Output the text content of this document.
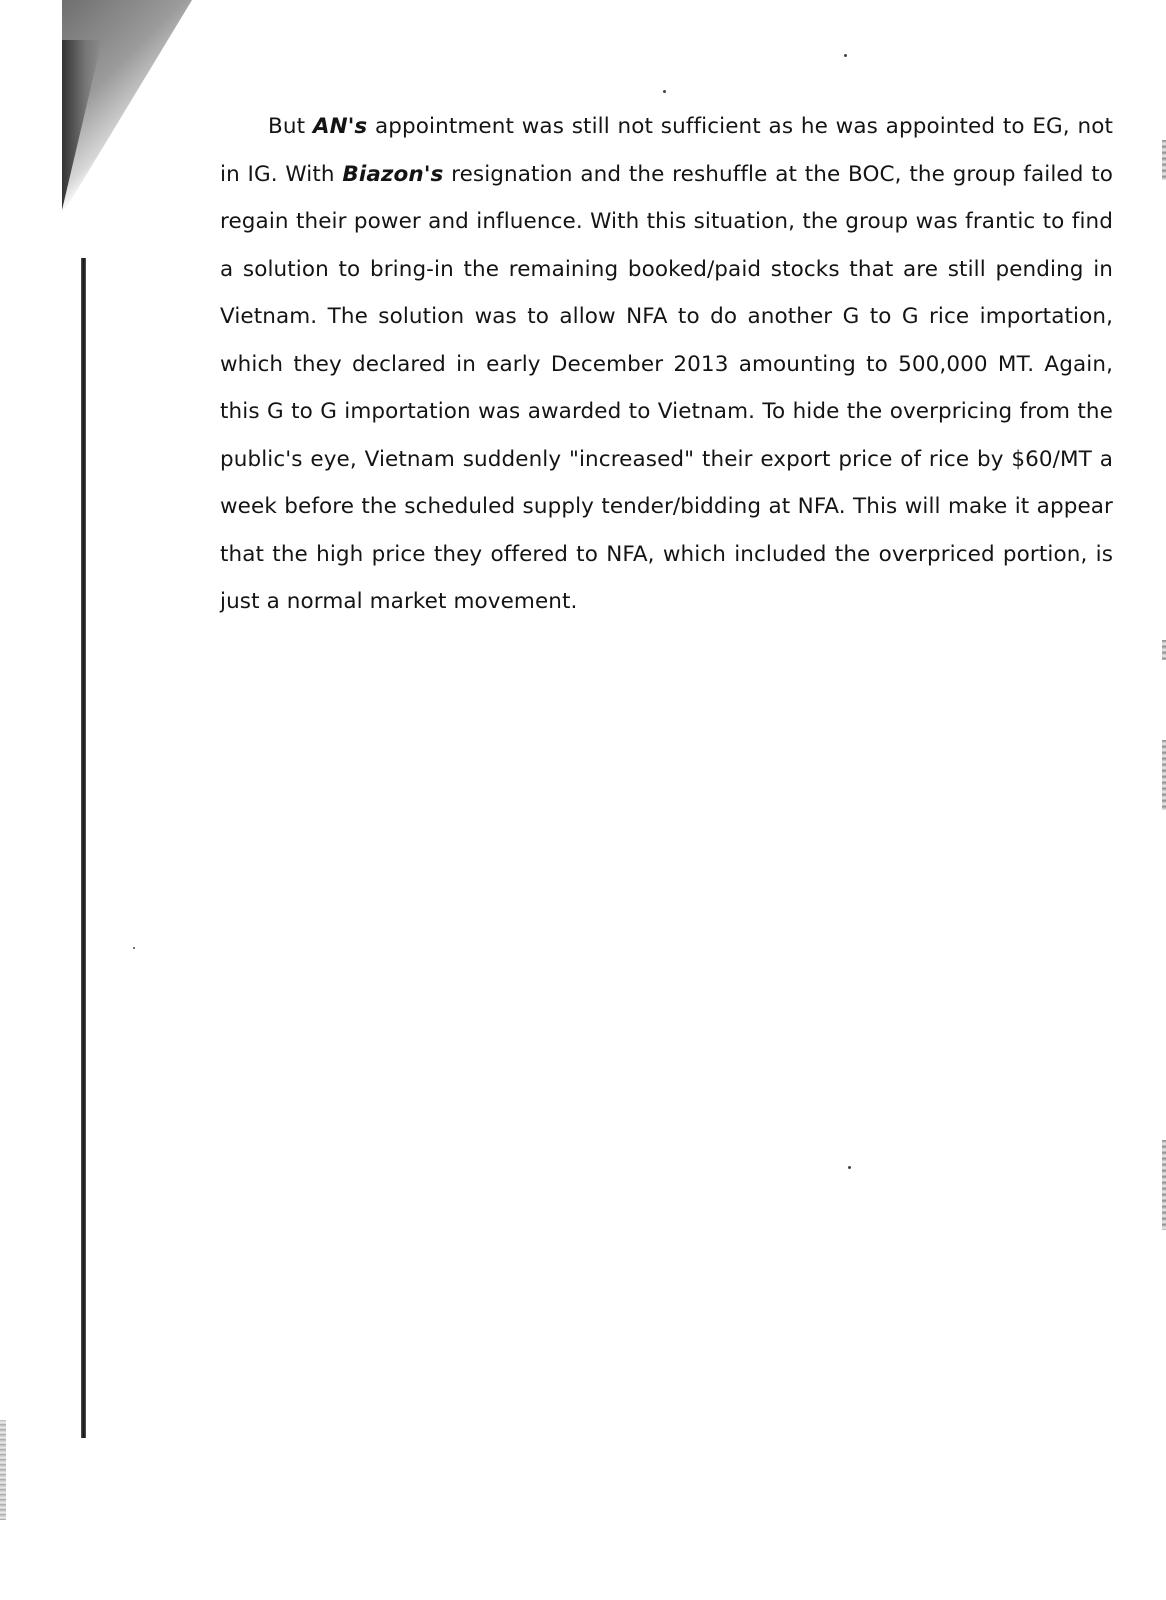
But AN's appointment was still not sufficient as he was appointed to EG, not in IG. With Biazon's resignation and the reshuffle at the BOC, the group failed to regain their power and influence. With this situation, the group was frantic to find a solution to bring-in the remaining booked/paid stocks that are still pending in Vietnam. The solution was to allow NFA to do another G to G rice importation, which they declared in early December 2013 amounting to 500,000 MT. Again, this G to G importation was awarded to Vietnam. To hide the overpricing from the public's eye, Vietnam suddenly "increased" their export price of rice by $60/MT a week before the scheduled supply tender/bidding at NFA. This will make it appear that the high price they offered to NFA, which included the overpriced portion, is just a normal market movement.
